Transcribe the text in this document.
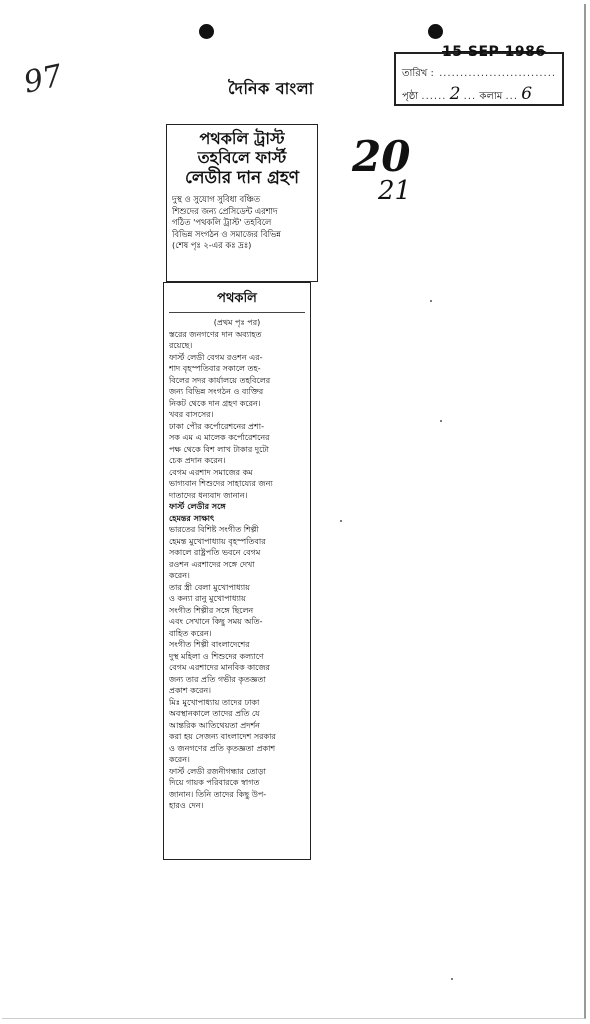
15 SEP 1986
তারিখ : ............................
পৃষ্ঠা ...... 2 ... কলাম ... 6
দৈনিক বাংলা
97
20
21
পথকলি ট্রাস্ট
তহবিলে ফার্স্ট
লেডীর দান গ্রহণ
দুস্থ ও সুযোগ সুবিধা বঞ্চিত
শিশুদের জন্য প্রেসিডেন্ট এরশাদ
গঠিত 'পথকলি ট্রাস্ট' তহবিলে
বিভিন্ন সংগঠন ও সমাজের বিভিন্ন
(শেষ পৃঃ ২-এর কঃ দ্রঃ)
পথকলি
(প্রথম পৃঃ পর)
স্তরের জনগণের দান অব্যাহত
রয়েছে।
ফার্স্ট লেডী বেগম রওশন এর-
শাদ বৃহস্পতিবার সকালে তহ-
বিলের সদর কার্যালয়ে তহবিলের
জন্য বিভিন্ন সংগঠন ও ব্যক্তির
নিকট থেকে দান গ্রহণ করেন।
খবর বাসসের।
ঢাকা পৌর কর্পোরেশনের প্রশা-
সক এম এ মালেক কর্পোরেশনের
পক্ষ থেকে বিশ লাখ টাকার দুটো
চেক প্রদান করেন।
বেগম এরশাদ সমাজের কম
ভাগ্যবান শিশুদের সাহায্যের জন্য
দাতাদের ধন্যবাদ জানান।
ফার্স্ট লেডীর সঙ্গে
হেমন্তর সাক্ষাৎ
ভারতের বিশিষ্ট সংগীত শিল্পী
হেমন্ত মুখোপাধ্যায় বৃহস্পতিবার
সকালে রাষ্ট্রপতি ভবনে বেগম
রওশন এরশাদের সঙ্গে দেখা
করেন।
তার স্ত্রী বেলা মুখোপাধ্যায়
ও কন্যা রানু মুখোপাধ্যায়
সংগীত শিল্পীর সঙ্গে ছিলেন
এবং সেখানে কিছু সময় অতি-
বাহিত করেন।
সংগীত শিল্পী বাংলাদেশের
দুস্থ মহিলা ও শিশুদের কল্যাণে
বেগম এরশাদের মানবিক কাজের
জন্য তার প্রতি গভীর কৃতজ্ঞতা
প্রকাশ করেন।
মিঃ মুখোপাধ্যায় তাদের ঢাকা
অবস্থানকালে তাদের প্রতি যে
আন্তরিক আতিথেয়তা প্রদর্শন
করা হয় সেজন্য বাংলাদেশ সরকার
ও জনগণের প্রতি কৃতজ্ঞতা প্রকাশ
করেন।
ফার্স্ট লেডী রজনীগন্ধার তোড়া
দিয়ে গায়ক পরিবারকে স্বাগত
জানান। তিনি তাদের কিছু উপ-
হারও দেন।
